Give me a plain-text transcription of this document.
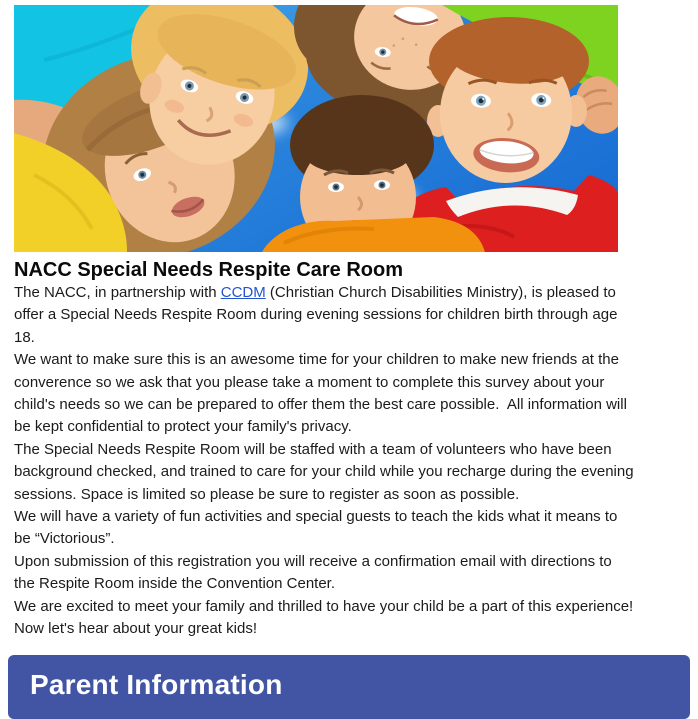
NACC Special Needs Respite Care Room
The NACC, in partnership with CCDM (Christian Church Disabilities Ministry), is pleased to
offer a Special Needs Respite Room during evening sessions for children birth through age
18.
We want to make sure this is an awesome time for your children to make new friends at the
converence so we ask that you please take a moment to complete this survey about your
child's needs so we can be prepared to offer them the best care possible.  All information will
be kept confidential to protect your family's privacy.
The Special Needs Respite Room will be staffed with a team of volunteers who have been
background checked, and trained to care for your child while you recharge during the evening
sessions. Space is limited so please be sure to register as soon as possible.
We will have a variety of fun activities and special guests to teach the kids what it means to
be “Victorious”.
Upon submission of this registration you will receive a confirmation email with directions to
the Respite Room inside the Convention Center.
We are excited to meet your family and thrilled to have your child be a part of this experience!
Now let's hear about your great kids!
Parent Information
